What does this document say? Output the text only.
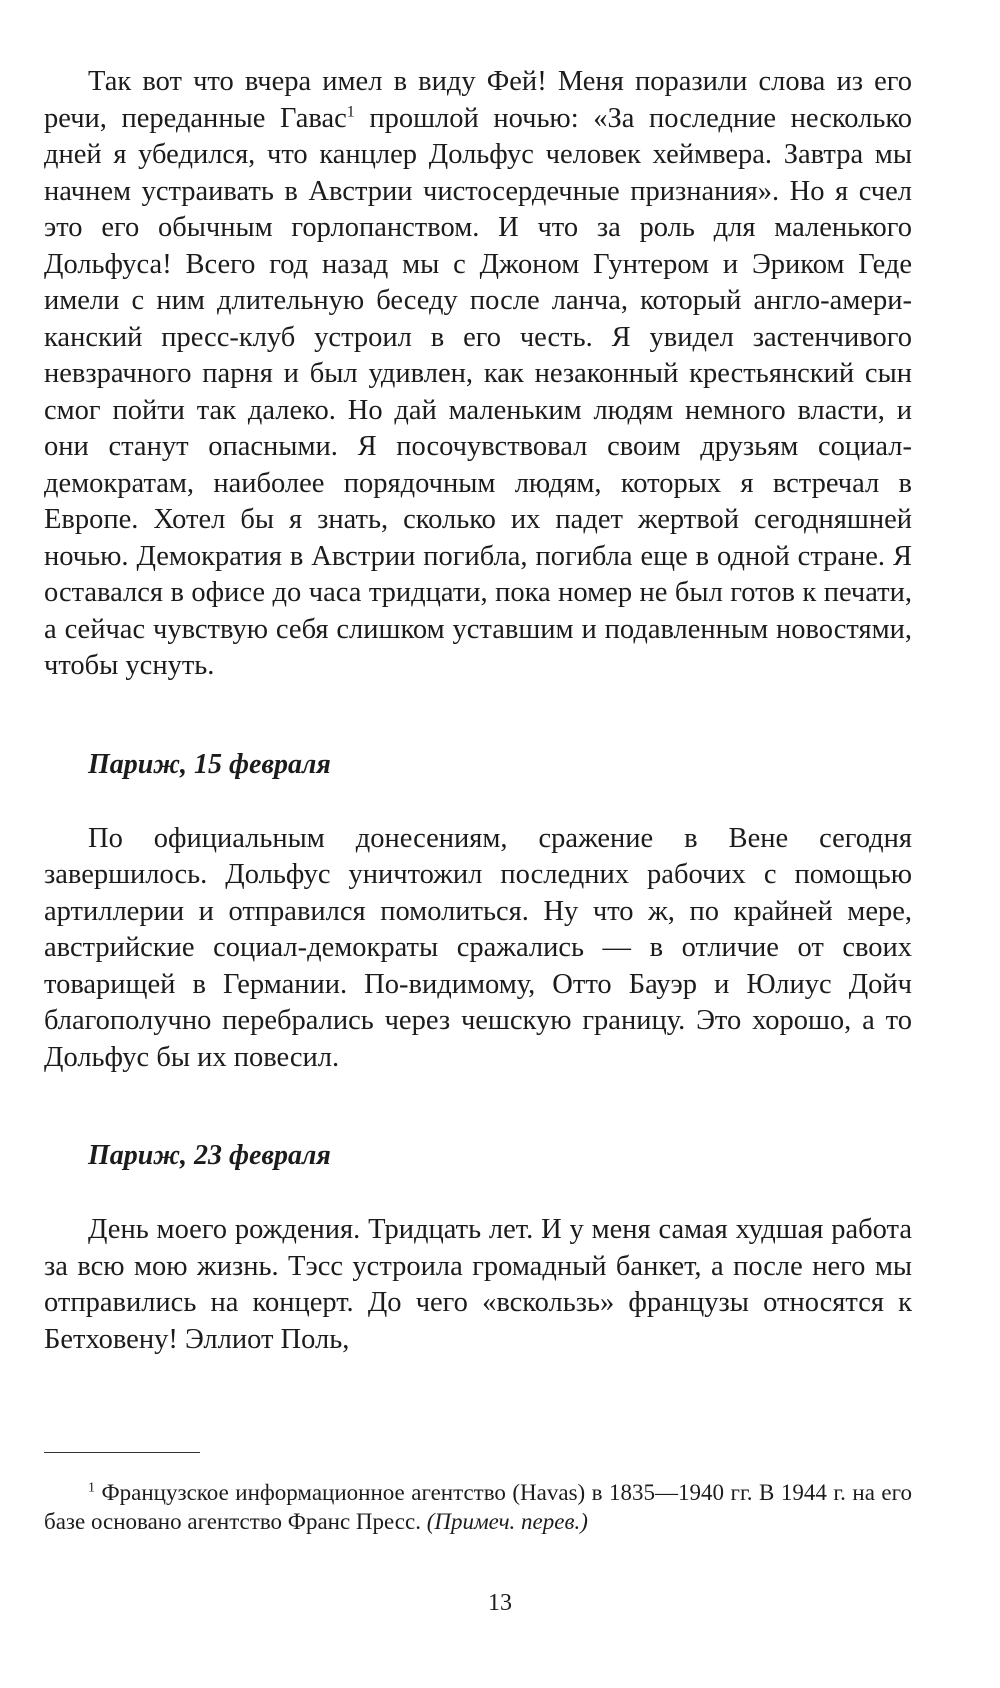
Так вот что вчера имел в виду Фей! Меня поразили слова из его речи, переданные Гавас$^1$ прошлой ночью: «За последние несколько дней я убедился, что канцлер Дольфус человек хеймвера. Завтра мы начнем устраивать в Австрии чистосердечные признания». Но я счел это его обычным горлопанством. И что за роль для маленького Дольфуса! Всего год назад мы с Джоном Гунтером и Эриком Геде имели с ним длительную беседу после ланча, который англо-американский пресс-клуб устроил в его честь. Я увидел застенчивого невзрачного парня и был удивлен, как незаконный крестьянский сын смог пойти так далеко. Но дай маленьким людям немного власти, и они станут опасными. Я посочувствовал своим друзьям социал-демократам, наиболее порядочным людям, которых я встречал в Европе. Хотел бы я знать, сколько их падет жертвой сегодняшней ночью. Демократия в Австрии погибла, погибла еще в одной стране. Я оставался в офисе до часа тридцати, пока номер не был готов к печати, а сейчас чувствую себя слишком уставшим и подавленным новостями, чтобы уснуть.

Париж, 15 февраля

По официальным донесениям, сражение в Вене сегодня завершилось. Дольфус уничтожил последних рабочих с помощью артиллерии и отправился помолиться. Ну что ж, по крайней мере, австрийские социал-демократы сражались — в отличие от своих товарищей в Германии. По-видимому, Отто Бауэр и Юлиус Дойч благополучно перебрались через чешскую границу. Это хорошо, а то Дольфус бы их повесил.

Париж, 23 февраля

День моего рождения. Тридцать лет. И у меня самая худшая работа за всю мою жизнь. Тэсс устроила громадный банкет, а после него мы отправились на концерт. До чего «вскользь» французы относятся к Бетховену! Эллиот Поль,

$^1$ Французское информационное агентство (Havas) в 1835—1940 гг. В 1944 г. на его базе основано агентство Франс Пресс. (Примеч. перев.)
13
